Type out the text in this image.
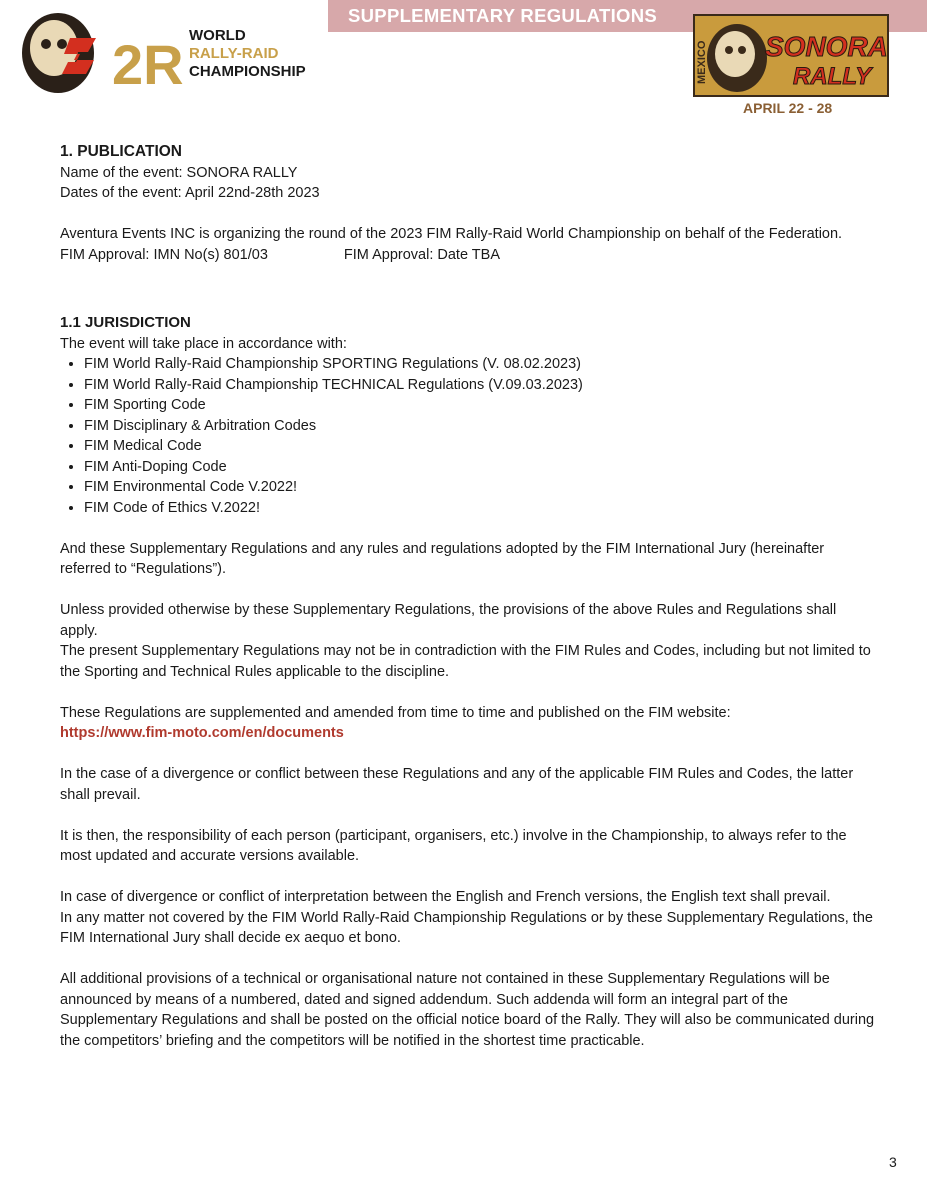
SUPPLEMENTARY REGULATIONS
2R WORLD
RALLY-RAID
CHAMPIONSHIP	MEXICO SONORA
RALLY
APRIL 22 - 28

1. PUBLICATION

Name of the event: SONORA RALLY

Dates of the event: April 22nd-28th 2023

Aventura Events INC is organizing the round of the 2023 FIM Rally-Raid World Championship on behalf of the Federation.

FIM Approval: IMN No(s) 801/03	FIM Approval: Date TBA

1.1 JURISDICTION

The event will take place in accordance with:

• FIM World Rally-Raid Championship SPORTING Regulations (V. 08.02.2023)
• FIM World Rally-Raid Championship TECHNICAL Regulations (V.09.03.2023)
• FIM Sporting Code
• FIM Disciplinary & Arbitration Codes
• FIM Medical Code
• FIM Anti-Doping Code
• FIM Environmental Code V.2022!
• FIM Code of Ethics V.2022!

And these Supplementary Regulations and any rules and regulations adopted by the FIM International Jury (hereinafter referred to “Regulations”).

Unless provided otherwise by these Supplementary Regulations, the provisions of the above Rules and Regulations shall apply.

The present Supplementary Regulations may not be in contradiction with the FIM Rules and Codes, including but not limited to the Sporting and Technical Rules applicable to the discipline.

These Regulations are supplemented and amended from time to time and published on the FIM website:

https://www.fim-moto.com/en/documents

In the case of a divergence or conflict between these Regulations and any of the applicable FIM Rules and Codes, the latter shall prevail.

It is then, the responsibility of each person (participant, organisers, etc.) involve in the Championship, to always refer to the most updated and accurate versions available.

In case of divergence or conflict of interpretation between the English and French versions, the English text shall prevail.

In any matter not covered by the FIM World Rally-Raid Championship Regulations or by these Supplementary Regulations, the FIM International Jury shall decide ex aequo et bono.

All additional provisions of a technical or organisational nature not contained in these Supplementary Regulations will be announced by means of a numbered, dated and signed addendum. Such addenda will form an integral part of the Supplementary Regulations and shall be posted on the official notice board of the Rally. They will also be communicated during the competitors’ briefing and the competitors will be notified in the shortest time practicable.

3
